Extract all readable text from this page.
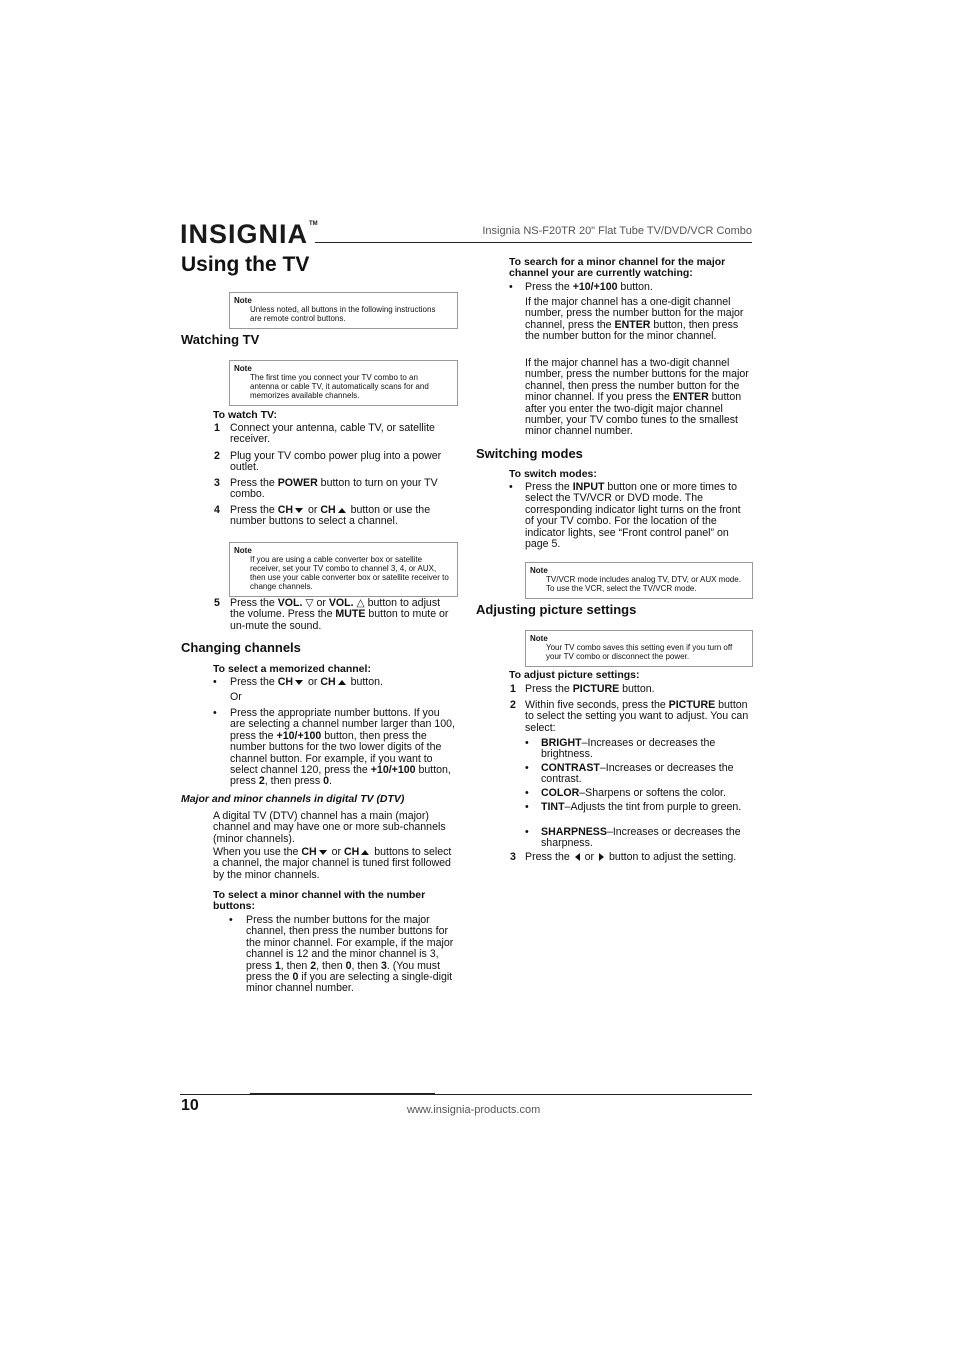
INSIGNIA™
Insignia NS-F20TR 20" Flat Tube TV/DVD/VCR Combo
Using the TV
Note
Unless noted, all buttons in the following instructions are remote control buttons.
Watching TV
Note
The first time you connect your TV combo to an antenna or cable TV, it automatically scans for and memorizes available channels.
To watch TV:
1 Connect your antenna, cable TV, or satellite receiver.
2 Plug your TV combo power plug into a power outlet.
3 Press the POWER button to turn on your TV combo.
4 Press the CH or CH button or use the number buttons to select a channel.
Note
If you are using a cable converter box or satellite receiver, set your TV combo to channel 3, 4, or AUX, then use your cable converter box or satellite receiver to change channels.
5 Press the VOL. ▽ or VOL. △ button to adjust the volume. Press the MUTE button to mute or un-mute the sound.
Changing channels
To select a memorized channel:
• Press the CH or CH button.
Or
• Press the appropriate number buttons. If you are selecting a channel number larger than 100, press the +10/+100 button, then press the number buttons for the two lower digits of the channel button. For example, if you want to select channel 120, press the +10/+100 button, press 2, then press 0.
Major and minor channels in digital TV (DTV)
A digital TV (DTV) channel has a main (major) channel and may have one or more sub-channels (minor channels).
When you use the CH or CH buttons to select a channel, the major channel is tuned first followed by the minor channels.
To select a minor channel with the number buttons:
• Press the number buttons for the major channel, then press the number buttons for the minor channel. For example, if the major channel is 12 and the minor channel is 3, press 1, then 2, then 0, then 3. (You must press the 0 if you are selecting a single-digit minor channel number.
To search for a minor channel for the major channel your are currently watching:
• Press the +10/+100 button.
If the major channel has a one-digit channel number, press the number button for the major channel, press the ENTER button, then press the number button for the minor channel.
If the major channel has a two-digit channel number, press the number buttons for the major channel, then press the number button for the minor channel. If you press the ENTER button after you enter the two-digit major channel number, your TV combo tunes to the smallest minor channel number.
Switching modes
To switch modes:
• Press the INPUT button one or more times to select the TV/VCR or DVD mode. The corresponding indicator light turns on the front of your TV combo. For the location of the indicator lights, see “Front control panel” on page 5.
Note
TV/VCR mode includes analog TV, DTV, or AUX mode. To use the VCR, select the TV/VCR mode.
Adjusting picture settings
Note
Your TV combo saves this setting even if you turn off your TV combo or disconnect the power.
To adjust picture settings:
1 Press the PICTURE button.
2 Within five seconds, press the PICTURE button to select the setting you want to adjust. You can select:
• BRIGHT–Increases or decreases the brightness.
• CONTRAST–Increases or decreases the contrast.
• COLOR–Sharpens or softens the color.
• TINT–Adjusts the tint from purple to green.
• SHARPNESS–Increases or decreases the sharpness.
3 Press the  or  button to adjust the setting.
10	www.insignia-products.com
